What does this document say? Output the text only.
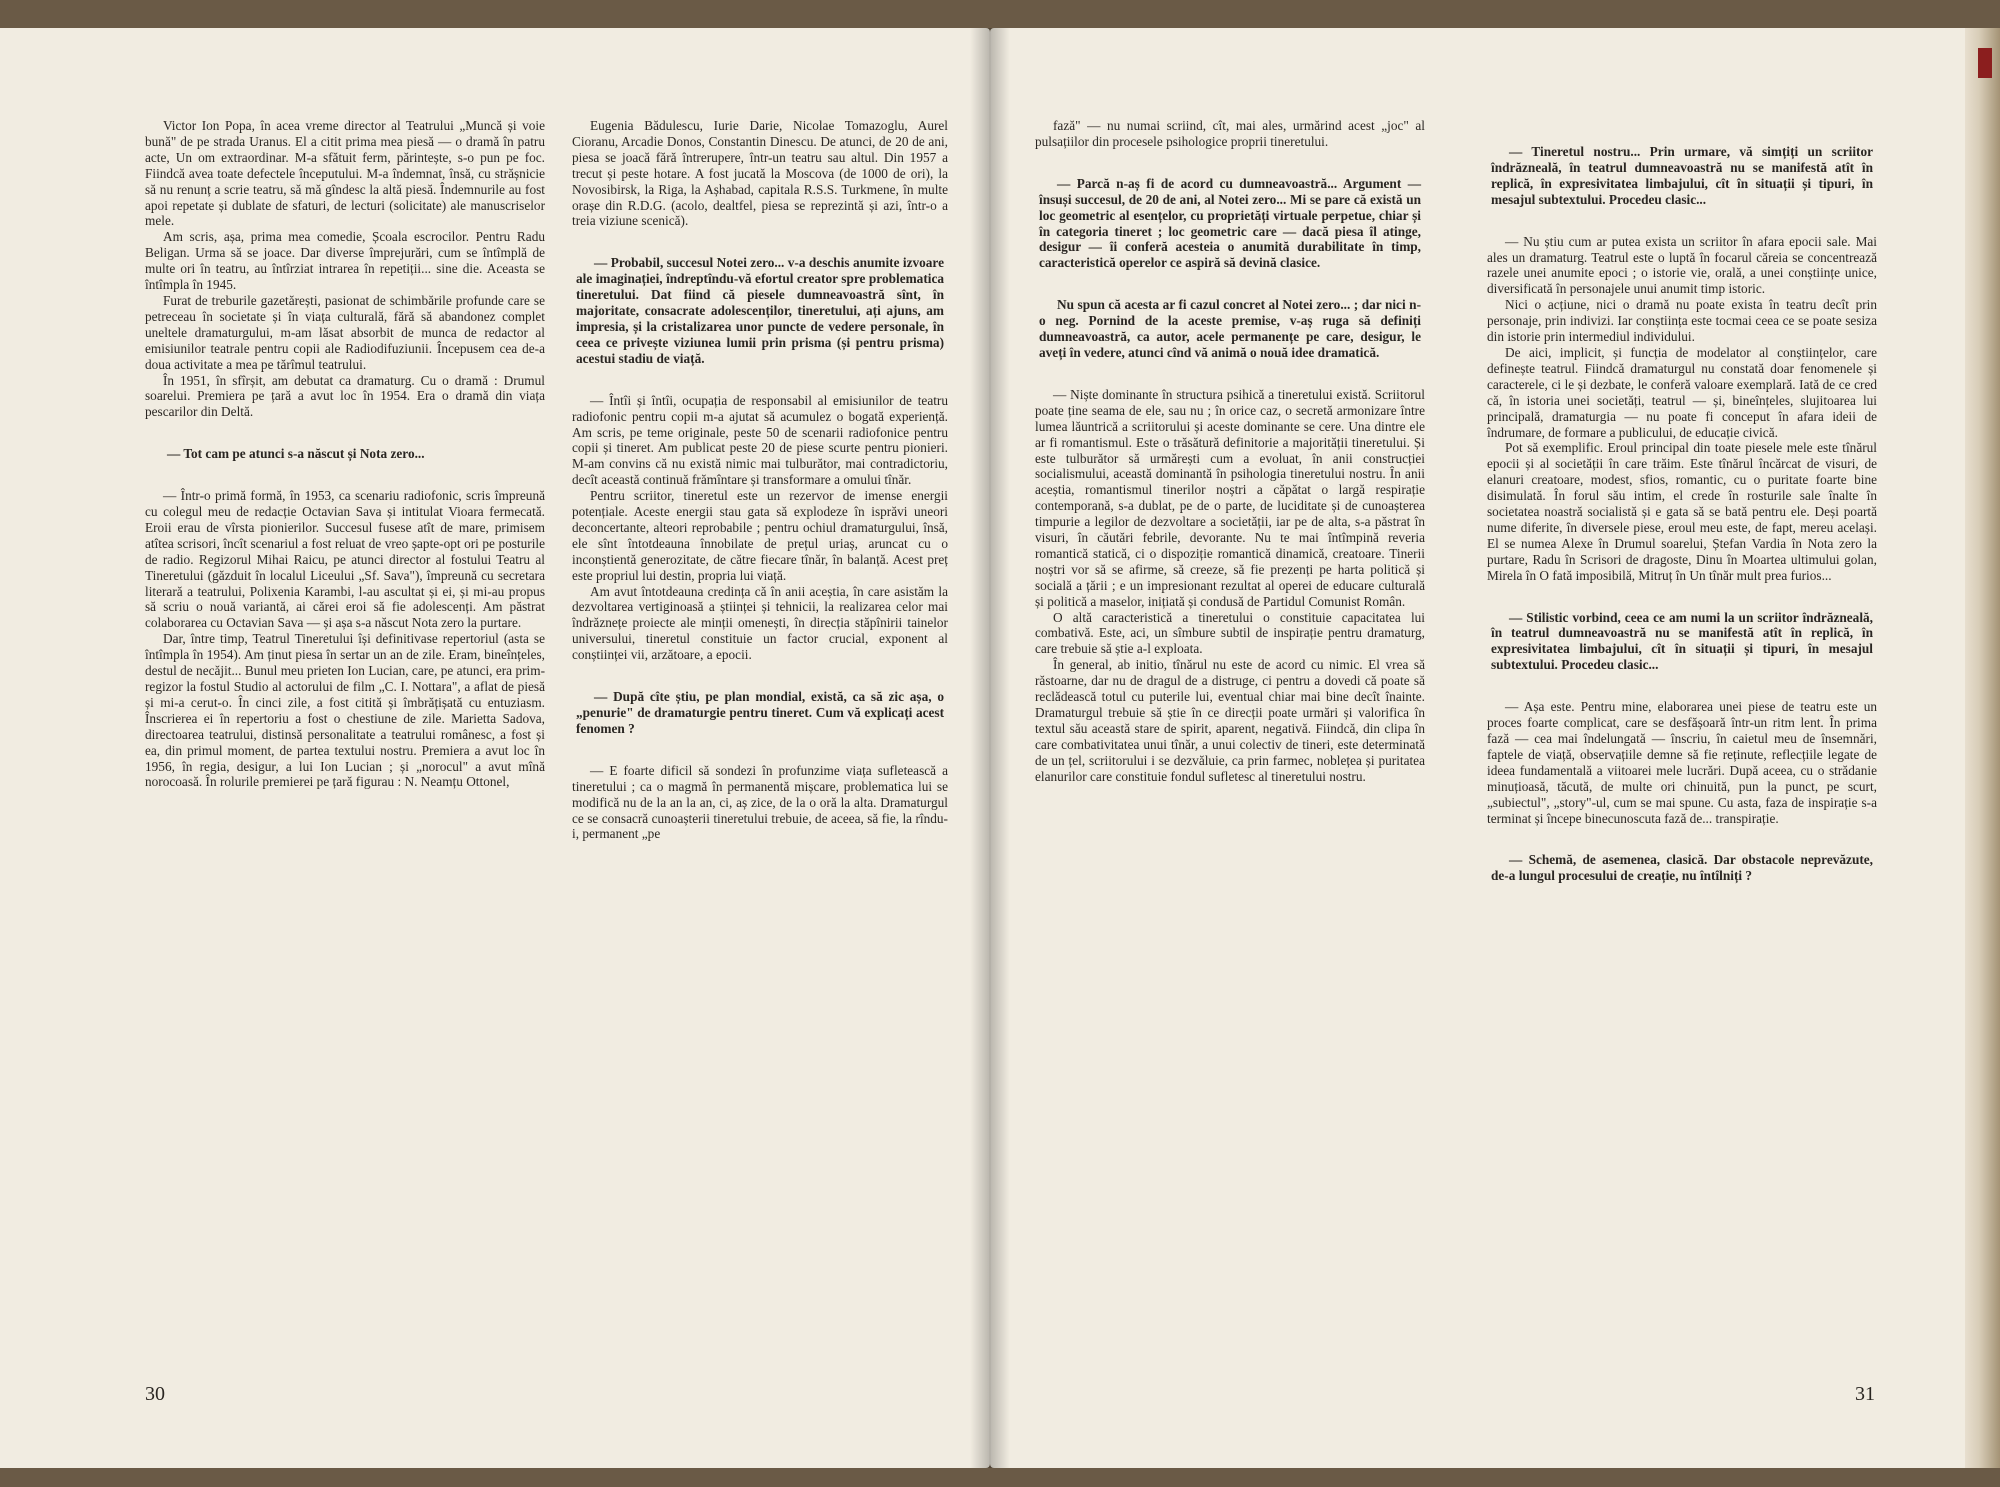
Victor Ion Popa, în acea vreme director al Teatrului „Muncă și voie bună" de pe strada Uranus. El a citit prima mea piesă — o dramă în patru acte, Un om extraordinar. M-a sfătuit ferm, părintește, s-o pun pe foc. Fiindcă avea toate defectele începutului. M-a îndemnat, însă, cu strășnicie să nu renunț a scrie teatru, să mă gîndesc la altă piesă. Îndemnurile au fost apoi repetate și dublate de sfaturi, de lecturi (solicitate) ale manuscriselor mele.

Am scris, așa, prima mea comedie, Școala escrocilor. Pentru Radu Beligan. Urma să se joace. Dar diverse împrejurări, cum se întîmplă de multe ori în teatru, au întîrziat intrarea în repetiții... sine die. Aceasta se întîmpla în 1945.

Furat de treburile gazetărești, pasionat de schimbările profunde care se petreceau în societate și în viața culturală, fără să abandonez complet uneltele dramaturgului, m-am lăsat absorbit de munca de redactor al emisiunilor teatrale pentru copii ale Radiodifuziunii. Începusem cea de-a doua activitate a mea pe tărîmul teatrului.

În 1951, în sfîrșit, am debutat ca dramaturg. Cu o dramă : Drumul soarelui. Premiera pe țară a avut loc în 1954. Era o dramă din viața pescarilor din Deltă.

— Tot cam pe atunci s-a născut și Nota zero...

— Într-o primă formă, în 1953, ca scenariu radiofonic, scris împreună cu colegul meu de redacție Octavian Sava și intitulat Vioara fermecată. Eroii erau de vîrsta pionierilor. Succesul fusese atît de mare, primisem atîtea scrisori, încît scenariul a fost reluat de vreo șapte-opt ori pe posturile de radio. Regizorul Mihai Raicu, pe atunci director al fostului Teatru al Tineretului (găzduit în localul Liceului „Sf. Sava"), împreună cu secretara literară a teatrului, Polixenia Karambi, l-au ascultat și ei, și mi-au propus să scriu o nouă variantă, ai cărei eroi să fie adolescenți. Am păstrat colaborarea cu Octavian Sava — și așa s-a născut Nota zero la purtare.

Dar, între timp, Teatrul Tineretului își definitivase repertoriul (asta se întîmpla în 1954). Am ținut piesa în sertar un an de zile. Eram, bineînțeles, destul de necăjit... Bunul meu prieten Ion Lucian, care, pe atunci, era prim-regizor la fostul Studio al actorului de film „C. I. Nottara", a aflat de piesă și mi-a cerut-o. În cinci zile, a fost citită și îmbrățișată cu entuziasm. Înscrierea ei în repertoriu a fost o chestiune de zile. Marietta Sadova, directoarea teatrului, distinsă personalitate a teatrului românesc, a fost și ea, din primul moment, de partea textului nostru. Premiera a avut loc în 1956, în regia, desigur, a lui Ion Lucian ; și „norocul" a avut mînă norocoasă. În rolurile premierei pe țară figurau : N. Neamțu Ottonel,

Eugenia Bădulescu, Iurie Darie, Nicolae Tomazoglu, Aurel Cioranu, Arcadie Donos, Constantin Dinescu. De atunci, de 20 de ani, piesa se joacă fără întrerupere, într-un teatru sau altul. Din 1957 a trecut și peste hotare. A fost jucată la Moscova (de 1000 de ori), la Novosibirsk, la Riga, la Așhabad, capitala R.S.S. Turkmene, în multe orașe din R.D.G. (acolo, dealtfel, piesa se reprezintă și azi, într-o a treia viziune scenică).

— Probabil, succesul Notei zero... v-a deschis anumite izvoare ale imaginației, îndreptîndu-vă efortul creator spre problematica tineretului. Dat fiind că piesele dumneavoastră sînt, în majoritate, consacrate adolescenților, tineretului, ați ajuns, am impresia, și la cristalizarea unor puncte de vedere personale, în ceea ce privește viziunea lumii prin prisma (și pentru prisma) acestui stadiu de viață.

— Întîi și întîi, ocupația de responsabil al emisiunilor de teatru radiofonic pentru copii m-a ajutat să acumulez o bogată experiență. Am scris, pe teme originale, peste 50 de scenarii radiofonice pentru copii și tineret. Am publicat peste 20 de piese scurte pentru pionieri. M-am convins că nu există nimic mai tulburător, mai contradictoriu, decît această continuă frămîntare și transformare a omului tînăr.

Pentru scriitor, tineretul este un rezervor de imense energii potențiale. Aceste energii stau gata să explodeze în isprăvi uneori deconcertante, alteori reprobabile ; pentru ochiul dramaturgului, însă, ele sînt întotdeauna înnobilate de prețul uriaș, aruncat cu o inconștientă generozitate, de către fiecare tînăr, în balanță. Acest preț este propriul lui destin, propria lui viață.

Am avut întotdeauna credința că în anii aceștia, în care asistăm la dezvoltarea vertiginoasă a științei și tehnicii, la realizarea celor mai îndrăznețe proiecte ale minții omenești, în direcția stăpînirii tainelor universului, tineretul constituie un factor crucial, exponent al conștiinței vii, arzătoare, a epocii.

— După cîte știu, pe plan mondial, există, ca să zic așa, o „penurie" de dramaturgie pentru tineret. Cum vă explicați acest fenomen ?

— E foarte dificil să sondezi în profunzime viața sufletească a tineretului ; ca o magmă în permanentă mișcare, problematica lui se modifică nu de la an la an, ci, aș zice, de la o oră la alta. Dramaturgul ce se consacră cunoașterii tineretului trebuie, de aceea, să fie, la rîndu-i, permanent „pe

30

fază" — nu numai scriind, cît, mai ales, urmărind acest „joc" al pulsațiilor din procesele psihologice proprii tineretului.

— Parcă n-aș fi de acord cu dumneavoastră... Argument — însuși succesul, de 20 de ani, al Notei zero... Mi se pare că există un loc geometric al esențelor, cu proprietăți virtuale perpetue, chiar și în categoria tineret ; loc geometric care — dacă piesa îl atinge, desigur — îi conferă acesteia o anumită durabilitate în timp, caracteristică operelor ce aspiră să devină clasice.

Nu spun că acesta ar fi cazul concret al Notei zero... ; dar nici n-o neg. Pornind de la aceste premise, v-aș ruga să definiți dumneavoastră, ca autor, acele permanențe pe care, desigur, le aveți în vedere, atunci cînd vă animă o nouă idee dramatică.

— Niște dominante în structura psihică a tineretului există. Scriitorul poate ține seama de ele, sau nu ; în orice caz, o secretă armonizare între lumea lăuntrică a scriitorului și aceste dominante se cere. Una dintre ele ar fi romantismul. Este o trăsătură definitorie a majorității tineretului. Și este tulburător să urmărești cum a evoluat, în anii construcției socialismului, această dominantă în psihologia tineretului nostru. În anii aceștia, romantismul tinerilor noștri a căpătat o largă respirație contemporană, s-a dublat, pe de o parte, de luciditate și de cunoașterea timpurie a legilor de dezvoltare a societății, iar pe de alta, s-a păstrat în visuri, în căutări febrile, devorante. Nu te mai întîmpină reveria romantică statică, ci o dispoziție romantică dinamică, creatoare. Tinerii noștri vor să se afirme, să creeze, să fie prezenți pe harta politică și socială a țării ; e un impresionant rezultat al operei de educare culturală și politică a maselor, inițiată și condusă de Partidul Comunist Român.

O altă caracteristică a tineretului o constituie capacitatea lui combativă. Este, aci, un sîmbure subtil de inspirație pentru dramaturg, care trebuie să știe a-l exploata.

În general, ab initio, tînărul nu este de acord cu nimic. El vrea să răstoarne, dar nu de dragul de a distruge, ci pentru a dovedi că poate să reclădească totul cu puterile lui, eventual chiar mai bine decît înainte. Dramaturgul trebuie să știe în ce direcții poate urmări și valorifica în textul său această stare de spirit, aparent, negativă. Fiindcă, din clipa în care combativitatea unui tînăr, a unui colectiv de tineri, este determinată de un țel, scriitorului i se dezvăluie, ca prin farmec, noblețea și puritatea elanurilor care constituie fondul sufletesc al tineretului nostru.

— Tineretul nostru... Prin urmare, vă simțiți un scriitor îndrăzneală, în teatrul dumneavoastră nu se manifestă atît în replică, în expresivitatea limbajului, cît în situații și tipuri, în mesajul subtextului. Procedeu clasic...

— Nu știu cum ar putea exista un scriitor în afara epocii sale. Mai ales un dramaturg. Teatrul este o luptă în focarul căreia se concentrează razele unei anumite epoci ; o istorie vie, orală, a unei conștiințe unice, diversificată în personajele unui anumit timp istoric.

Nici o acțiune, nici o dramă nu poate exista în teatru decît prin personaje, prin indivizi. Iar conștiința este tocmai ceea ce se poate sesiza din istorie prin intermediul individului.

De aici, implicit, și funcția de modelator al conștiințelor, care definește teatrul. Fiindcă dramaturgul nu constată doar fenomenele și caracterele, ci le și dezbate, le conferă valoare exemplară. Iată de ce cred că, în istoria unei societăți, teatrul — și, bineînțeles, slujitoarea lui principală, dramaturgia — nu poate fi conceput în afara ideii de îndrumare, de formare a publicului, de educație civică.

Pot să exemplific. Eroul principal din toate piesele mele este tînărul epocii și al societății în care trăim. Este tînărul încărcat de visuri, de elanuri creatoare, modest, sfios, romantic, cu o puritate foarte bine disimulată. În forul său intim, el crede în rosturile sale înalte în societatea noastră socialistă și e gata să se bată pentru ele. Deși poartă nume diferite, în diversele piese, eroul meu este, de fapt, mereu același. El se numea Alexe în Drumul soarelui, Ștefan Vardia în Nota zero la purtare, Radu în Scrisori de dragoste, Dinu în Moartea ultimului golan, Mirela în O fată imposibilă, Mitruț în Un tînăr mult prea furios...

— Stilistic vorbind, ceea ce am numi la un scriitor îndrăzneală, în teatrul dumneavoastră nu se manifestă atît în replică, în expresivitatea limbajului, cît în situații și tipuri, în mesajul subtextului. Procedeu clasic...

— Așa este. Pentru mine, elaborarea unei piese de teatru este un proces foarte complicat, care se desfășoară într-un ritm lent. În prima fază — cea mai îndelungată — înscriu, în caietul meu de însemnări, faptele de viață, observațiile demne să fie reținute, reflecțiile legate de ideea fundamentală a viitoarei mele lucrări. După aceea, cu o strădanie minuțioasă, tăcută, de multe ori chinuită, pun la punct, pe scurt, „subiectul", „story"-ul, cum se mai spune. Cu asta, faza de inspirație s-a terminat și începe binecunoscuta fază de... transpirație.

— Schemă, de asemenea, clasică. Dar obstacole neprevăzute, de-a lungul procesului de creație, nu întîlniți ?

31
